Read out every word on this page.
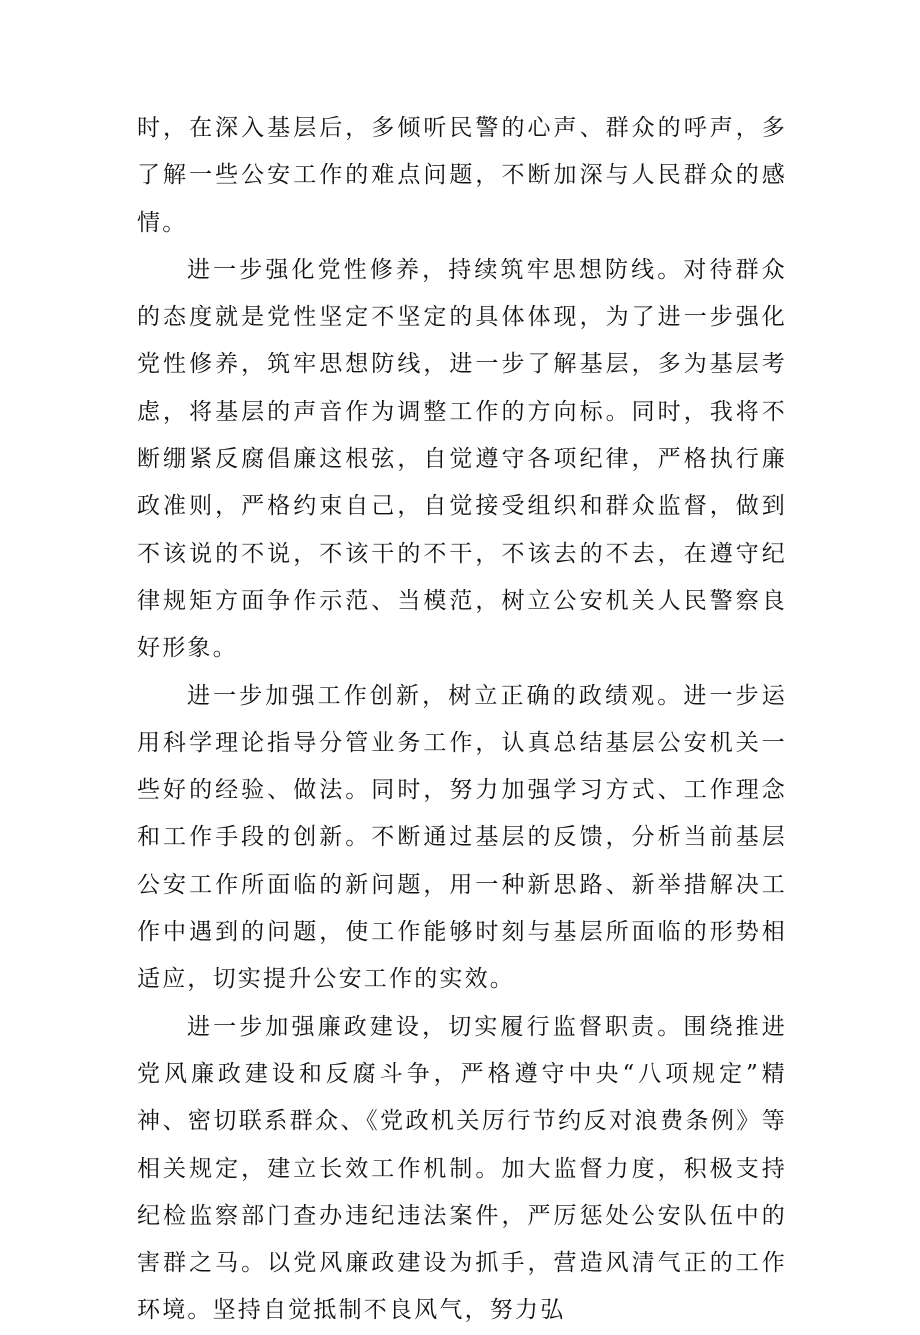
时，在深入基层后，多倾听民警的心声、群众的呼声，多了解一些公安工作的难点问题，不断加深与人民群众的感情。

进一步强化党性修养，持续筑牢思想防线。对待群众的态度就是党性坚定不坚定的具体体现，为了进一步强化党性修养，筑牢思想防线，进一步了解基层，多为基层考虑，将基层的声音作为调整工作的方向标。同时，我将不断绷紧反腐倡廉这根弦，自觉遵守各项纪律，严格执行廉政准则，严格约束自己，自觉接受组织和群众监督，做到不该说的不说，不该干的不干，不该去的不去，在遵守纪律规矩方面争作示范、当模范，树立公安机关人民警察良好形象。

进一步加强工作创新，树立正确的政绩观。进一步运用科学理论指导分管业务工作，认真总结基层公安机关一些好的经验、做法。同时，努力加强学习方式、工作理念和工作手段的创新。不断通过基层的反馈，分析当前基层公安工作所面临的新问题，用一种新思路、新举措解决工作中遇到的问题，使工作能够时刻与基层所面临的形势相适应，切实提升公安工作的实效。

进一步加强廉政建设，切实履行监督职责。围绕推进党风廉政建设和反腐斗争，严格遵守中央“八项规定”精神、密切联系群众、《党政机关厉行节约反对浪费条例》等相关规定，建立长效工作机制。加大监督力度，积极支持纪检监察部门查办违纪违法案件，严厉惩处公安队伍中的害群之马。以党风廉政建设为抓手，营造风清气正的工作环境。坚持自觉抵制不良风气，努力弘
